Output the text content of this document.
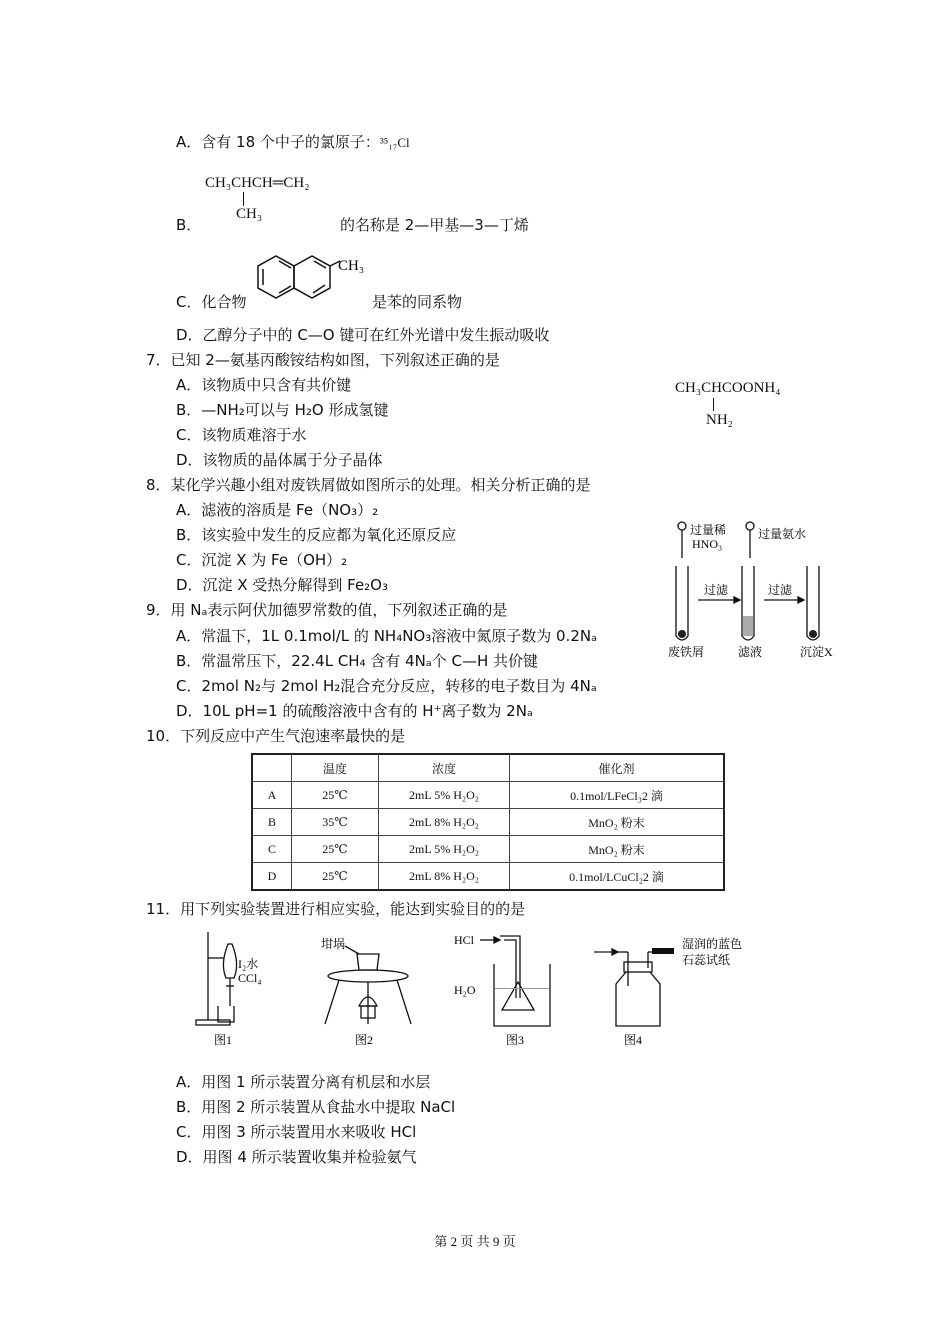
A．含有 18 个中子的氯原子：³⁵₁₇Cl
CH₃CHCH═CH₂
CH₃
B．	的名称是 2—甲基—3—丁烯
C．化合物
CH₃
是苯的同系物
D．乙醇分子中的 C—O 键可在红外光谱中发生振动吸收
7．已知 2—氨基丙酸铵结构如图，下列叙述正确的是
A．该物质中只含有共价键
B．—NH₂可以与 H₂O 形成氢键
C．该物质难溶于水
D．该物质的晶体属于分子晶体
CH₃CHCOONH₄
NH₂
8．某化学兴趣小组对废铁屑做如图所示的处理。相关分析正确的是
A．滤液的溶质是 Fe（NO₃）₂
B．该实验中发生的反应都为氧化还原反应
C．沉淀 X 为 Fe（OH）₂
D．沉淀 X 受热分解得到 Fe₂O₃
过量稀
HNO₃
过量氨水
过滤	过滤
废铁屑	滤液	沉淀X
9．用 Nₐ表示阿伏加德罗常数的值，下列叙述正确的是
A．常温下，1L 0.1mol/L 的 NH₄NO₃溶液中氮原子数为 0.2Nₐ
B．常温常压下，22.4L CH₄ 含有 4Nₐ个 C—H 共价键
C．2mol N₂与 2mol H₂混合充分反应，转移的电子数目为 4Nₐ
D．10L pH=1 的硫酸溶液中含有的 H⁺离子数为 2Nₐ
10．下列反应中产生气泡速率最快的是
	温度	浓度	催化剂
A	25℃	2mL 5% H₂O₂	0.1mol/LFeCl₃2 滴
B	35℃	2mL 8% H₂O₂	MnO₂ 粉末
C	25℃	2mL 5% H₂O₂	MnO₂ 粉末
D	25℃	2mL 8% H₂O₂	0.1mol/LCuCl₂2 滴
11．用下列实验装置进行相应实验，能达到实验目的的是
I₂水
CCl₄
图1
坩埚
图2
HCl
H₂O
图3
湿润的蓝色
石蕊试纸
图4
A．用图 1 所示装置分离有机层和水层
B．用图 2 所示装置从食盐水中提取 NaCl
C．用图 3 所示装置用水来吸收 HCl
D．用图 4 所示装置收集并检验氨气
第 2 页 共 9 页
